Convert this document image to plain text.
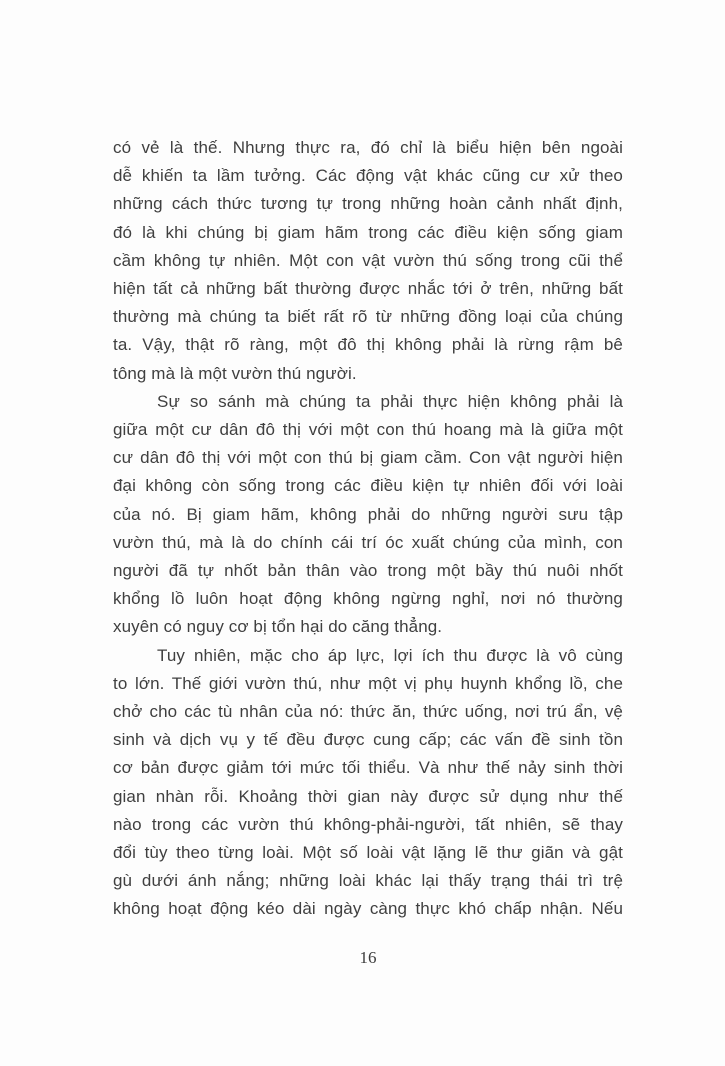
có vẻ là thế. Nhưng thực ra, đó chỉ là biểu hiện bên ngoài
dễ khiến ta lầm tưởng. Các động vật khác cũng cư xử theo
những cách thức tương tự trong những hoàn cảnh nhất định,
đó là khi chúng bị giam hãm trong các điều kiện sống giam
cầm không tự nhiên. Một con vật vườn thú sống trong cũi thể
hiện tất cả những bất thường được nhắc tới ở trên, những bất
thường mà chúng ta biết rất rõ từ những đồng loại của chúng
ta. Vậy, thật rõ ràng, một đô thị không phải là rừng rậm bê
tông mà là một vườn thú người.
Sự so sánh mà chúng ta phải thực hiện không phải là
giữa một cư dân đô thị với một con thú hoang mà là giữa một
cư dân đô thị với một con thú bị giam cầm. Con vật người hiện
đại không còn sống trong các điều kiện tự nhiên đối với loài
của nó. Bị giam hãm, không phải do những người sưu tập
vườn thú, mà là do chính cái trí óc xuất chúng của mình, con
người đã tự nhốt bản thân vào trong một bầy thú nuôi nhốt
khổng lồ luôn hoạt động không ngừng nghỉ, nơi nó thường
xuyên có nguy cơ bị tổn hại do căng thẳng.
Tuy nhiên, mặc cho áp lực, lợi ích thu được là vô cùng
to lớn. Thế giới vườn thú, như một vị phụ huynh khổng lồ, che
chở cho các tù nhân của nó: thức ăn, thức uống, nơi trú ẩn, vệ
sinh và dịch vụ y tế đều được cung cấp; các vấn đề sinh tồn
cơ bản được giảm tới mức tối thiểu. Và như thế nảy sinh thời
gian nhàn rỗi. Khoảng thời gian này được sử dụng như thế
nào trong các vườn thú không-phải-người, tất nhiên, sẽ thay
đổi tùy theo từng loài. Một số loài vật lặng lẽ thư giãn và gật
gù dưới ánh nắng; những loài khác lại thấy trạng thái trì trệ
không hoạt động kéo dài ngày càng thực khó chấp nhận. Nếu
16
